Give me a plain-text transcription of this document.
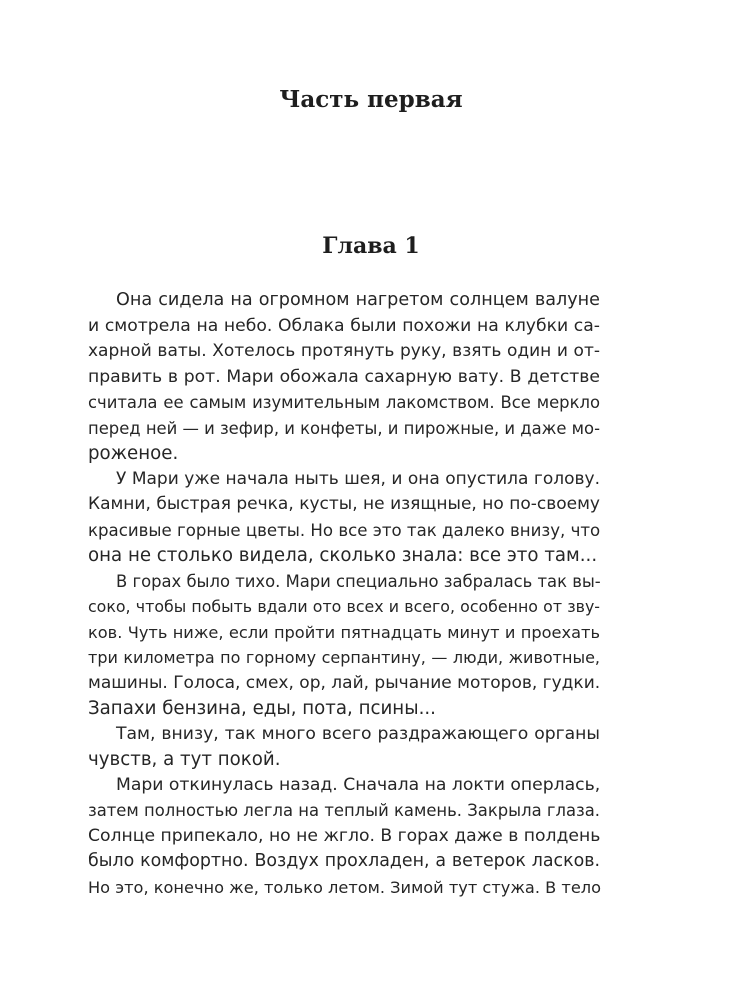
Часть первая
Глава 1
Она сидела на огромном нагретом солнцем валуне
и смотрела на небо. Облака были похожи на клубки са-
харной ваты. Хотелось протянуть руку, взять один и от-
править в рот. Мари обожала сахарную вату. В детстве
считала ее самым изумительным лакомством. Все меркло
перед ней — и зефир, и конфеты, и пирожные, и даже мо-
роженое.
У Мари уже начала ныть шея, и она опустила голову.
Камни, быстрая речка, кусты, не изящные, но по-своему
красивые горные цветы. Но все это так далеко внизу, что
она не столько видела, сколько знала: все это там...
В горах было тихо. Мари специально забралась так вы-
соко, чтобы побыть вдали ото всех и всего, особенно от зву-
ков. Чуть ниже, если пройти пятнадцать минут и проехать
три километра по горному серпантину, — люди, животные,
машины. Голоса, смех, ор, лай, рычание моторов, гудки.
Запахи бензина, еды, пота, псины...
Там, внизу, так много всего раздражающего органы
чувств, а тут покой.
Мари откинулась назад. Сначала на локти оперлась,
затем полностью легла на теплый камень. Закрыла глаза.
Солнце припекало, но не жгло. В горах даже в полдень
было комфортно. Воздух прохладен, а ветерок ласков.
Но это, конечно же, только летом. Зимой тут стужа. В тело
